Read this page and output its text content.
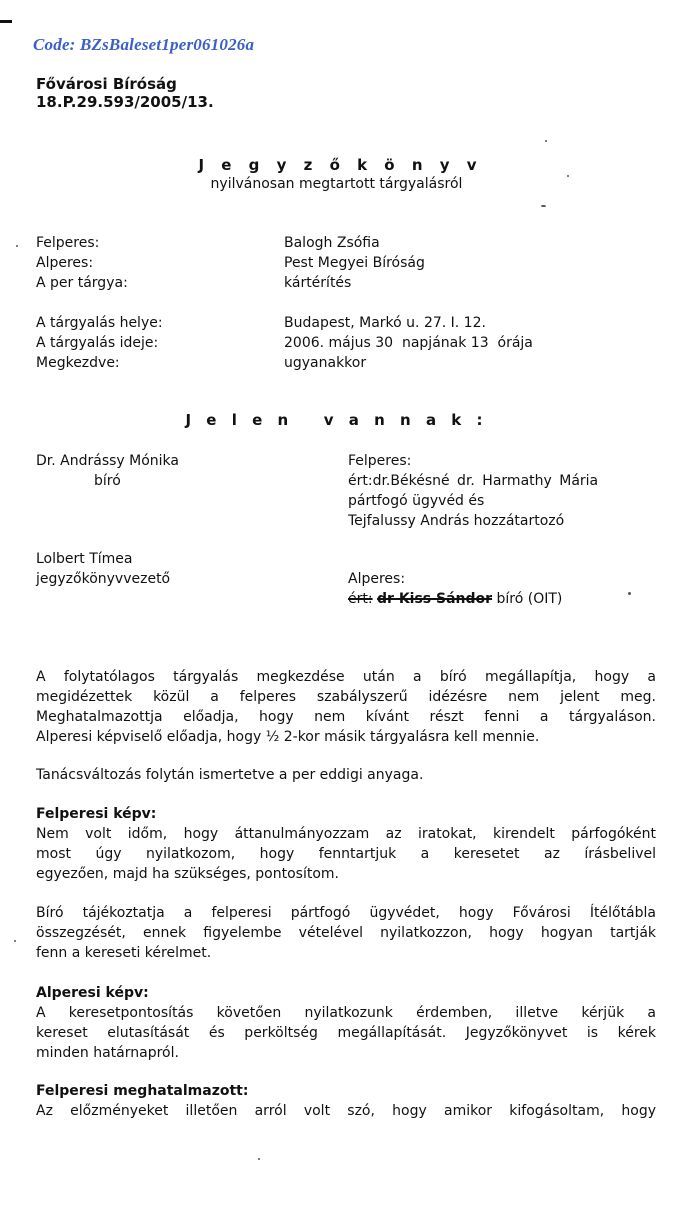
Code: BZsBaleset1per061026a
Fővárosi Bíróság
18.P.29.593/2005/13.
J e g y z ő k ö n y v
nyilvánosan megtartott tárgyalásról
Felperes:
Alperes:
A per tárgya:
Balogh Zsófia
Pest Megyei Bíróság
kártérítés
A tárgyalás helye:
A tárgyalás ideje:
Megkezdve:
Budapest, Markó u. 27. I. 12.
2006. május 30  napjának 13  órája
ugyanakkor
J e l e n   v a n n a k :
Dr. Andrássy Mónika
bíró
Felperes:
ért:dr.Békésné dr. Harmathy Mária
pártfogó ügyvéd és
Tejfalussy András hozzátartozó
Lolbert Tímea
jegyzőkönyvvezető	Alperes:
ért: dr Kiss Sándor bíró (OIT)
A folytatólagos tárgyalás megkezdése után a bíró megállapítja, hogy a
megidézettek közül a felperes szabályszerű idézésre nem jelent meg.
Meghatalmazottja előadja, hogy nem kívánt részt fenni a tárgyaláson.
Alperesi képviselő előadja, hogy ½ 2-kor másik tárgyalásra kell mennie.
Tanácsváltozás folytán ismertetve a per eddigi anyaga.
Felperesi képv:
Nem volt időm, hogy áttanulmányozzam az iratokat, kirendelt párfogóként
most úgy nyilatkozom, hogy fenntartjuk a keresetet az írásbelivel
egyezően, majd ha szükséges, pontosítom.
Bíró tájékoztatja a felperesi pártfogó ügyvédet, hogy Fővárosi Ítélőtábla
összegzését, ennek figyelembe vételével nyilatkozzon, hogy hogyan tartják
fenn a kereseti kérelmet.
Alperesi képv:
A keresetpontosítás követően nyilatkozunk érdemben, illetve kérjük a
kereset elutasítását és perköltség megállapítását. Jegyzőkönyvet is kérek
minden határnapról.
Felperesi meghatalmazott:
Az előzményeket illetően arról volt szó, hogy amikor kifogásoltam, hogy
